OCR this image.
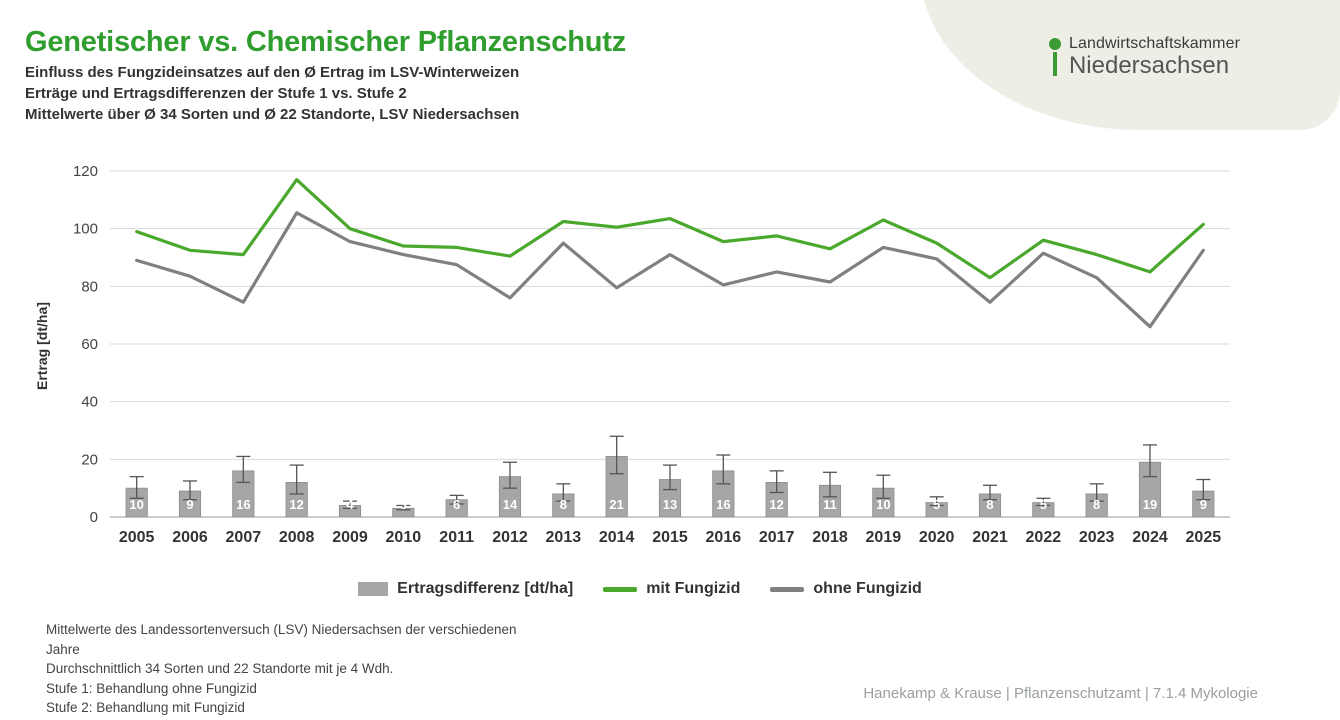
Landwirtschaftskammer
Niedersachsen
Genetischer vs. Chemischer Pflanzenschutz

Einfluss des Fungzideinsatzes auf den Ø Ertrag im LSV-Winterweizen

Erträge und Ertragsdifferenzen der Stufe 1 vs. Stufe 2

Mittelwerte über Ø 34 Sorten und Ø 22 Standorte, LSV Niedersachsen

Ertrag [dt/ha]
0
20
40
60
80
100
120
10	9	16	12	4	3	6	14	8	21	13	16	12	11	10	5	8	5	8	19	9
2005 2006 2007 2008 2009 2010 2011 2012 2013 2014 2015 2016 2017 2018 2019 2020 2021 2022 2023 2024 2025
Ertragsdifferenz [dt/ha]	mit Fungizid	ohne Fungizid
Mittelwerte des Landessortenversuch (LSV) Niedersachsen der verschiedenen
Jahre
Durchschnittlich 34 Sorten und 22 Standorte mit je 4 Wdh.
Stufe 1: Behandlung ohne Fungizid
Stufe 2: Behandlung mit Fungizid
Hanekamp & Krause | Pflanzenschutzamt | 7.1.4 Mykologie
